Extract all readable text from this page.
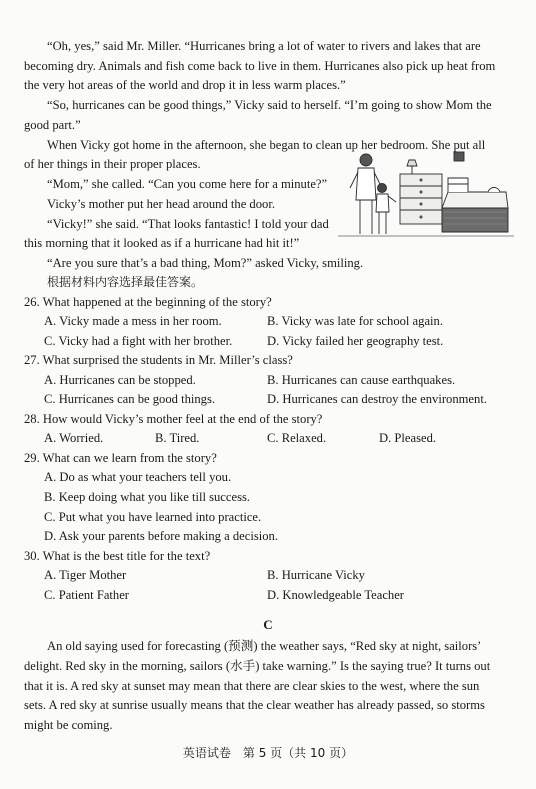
“Oh, yes,” said Mr. Miller. “Hurricanes bring a lot of water to rivers and lakes that are
becoming dry. Animals and fish come back to live in them. Hurricanes also pick up heat from
the very hot areas of the world and drop it in less warm places.”
“So, hurricanes can be good things,” Vicky said to herself. “I’m going to show Mom the
good part.”
When Vicky got home in the afternoon, she began to clean up her bedroom. She put all
of her things in their proper places.
“Mom,” she called. “Can you come here for a minute?”
Vicky’s mother put her head around the door.
“Vicky!” she said. “That looks fantastic! I told your dad
this morning that it looked as if a hurricane had hit it!”
“Are you sure that’s a bad thing, Mom?” asked Vicky, smiling.
根据材料内容选择最佳答案。
26. What happened at the beginning of the story?
A. Vicky made a mess in her room.	B. Vicky was late for school again.
C. Vicky had a fight with her brother.	D. Vicky failed her geography test.
27. What surprised the students in Mr. Miller’s class?
A. Hurricanes can be stopped.	B. Hurricanes can cause earthquakes.
C. Hurricanes can be good things.	D. Hurricanes can destroy the environment.
28. How would Vicky’s mother feel at the end of the story?
A. Worried.	B. Tired.	C. Relaxed.	D. Pleased.
29. What can we learn from the story?
A. Do as what your teachers tell you.
B. Keep doing what you like till success.
C. Put what you have learned into practice.
D. Ask your parents before making a decision.
30. What is the best title for the text?
A. Tiger Mother	B. Hurricane Vicky
C. Patient Father	D. Knowledgeable Teacher
C
An old saying used for forecasting (预测) the weather says, “Red sky at night, sailors’
delight. Red sky in the morning, sailors (水手) take warning.” Is the saying true? It turns out
that it is. A red sky at sunset may mean that there are clear skies to the west, where the sun
sets. A red sky at sunrise usually means that the clear weather has already passed, so storms
might be coming.
英语试卷　第 5 页（共 10 页）
